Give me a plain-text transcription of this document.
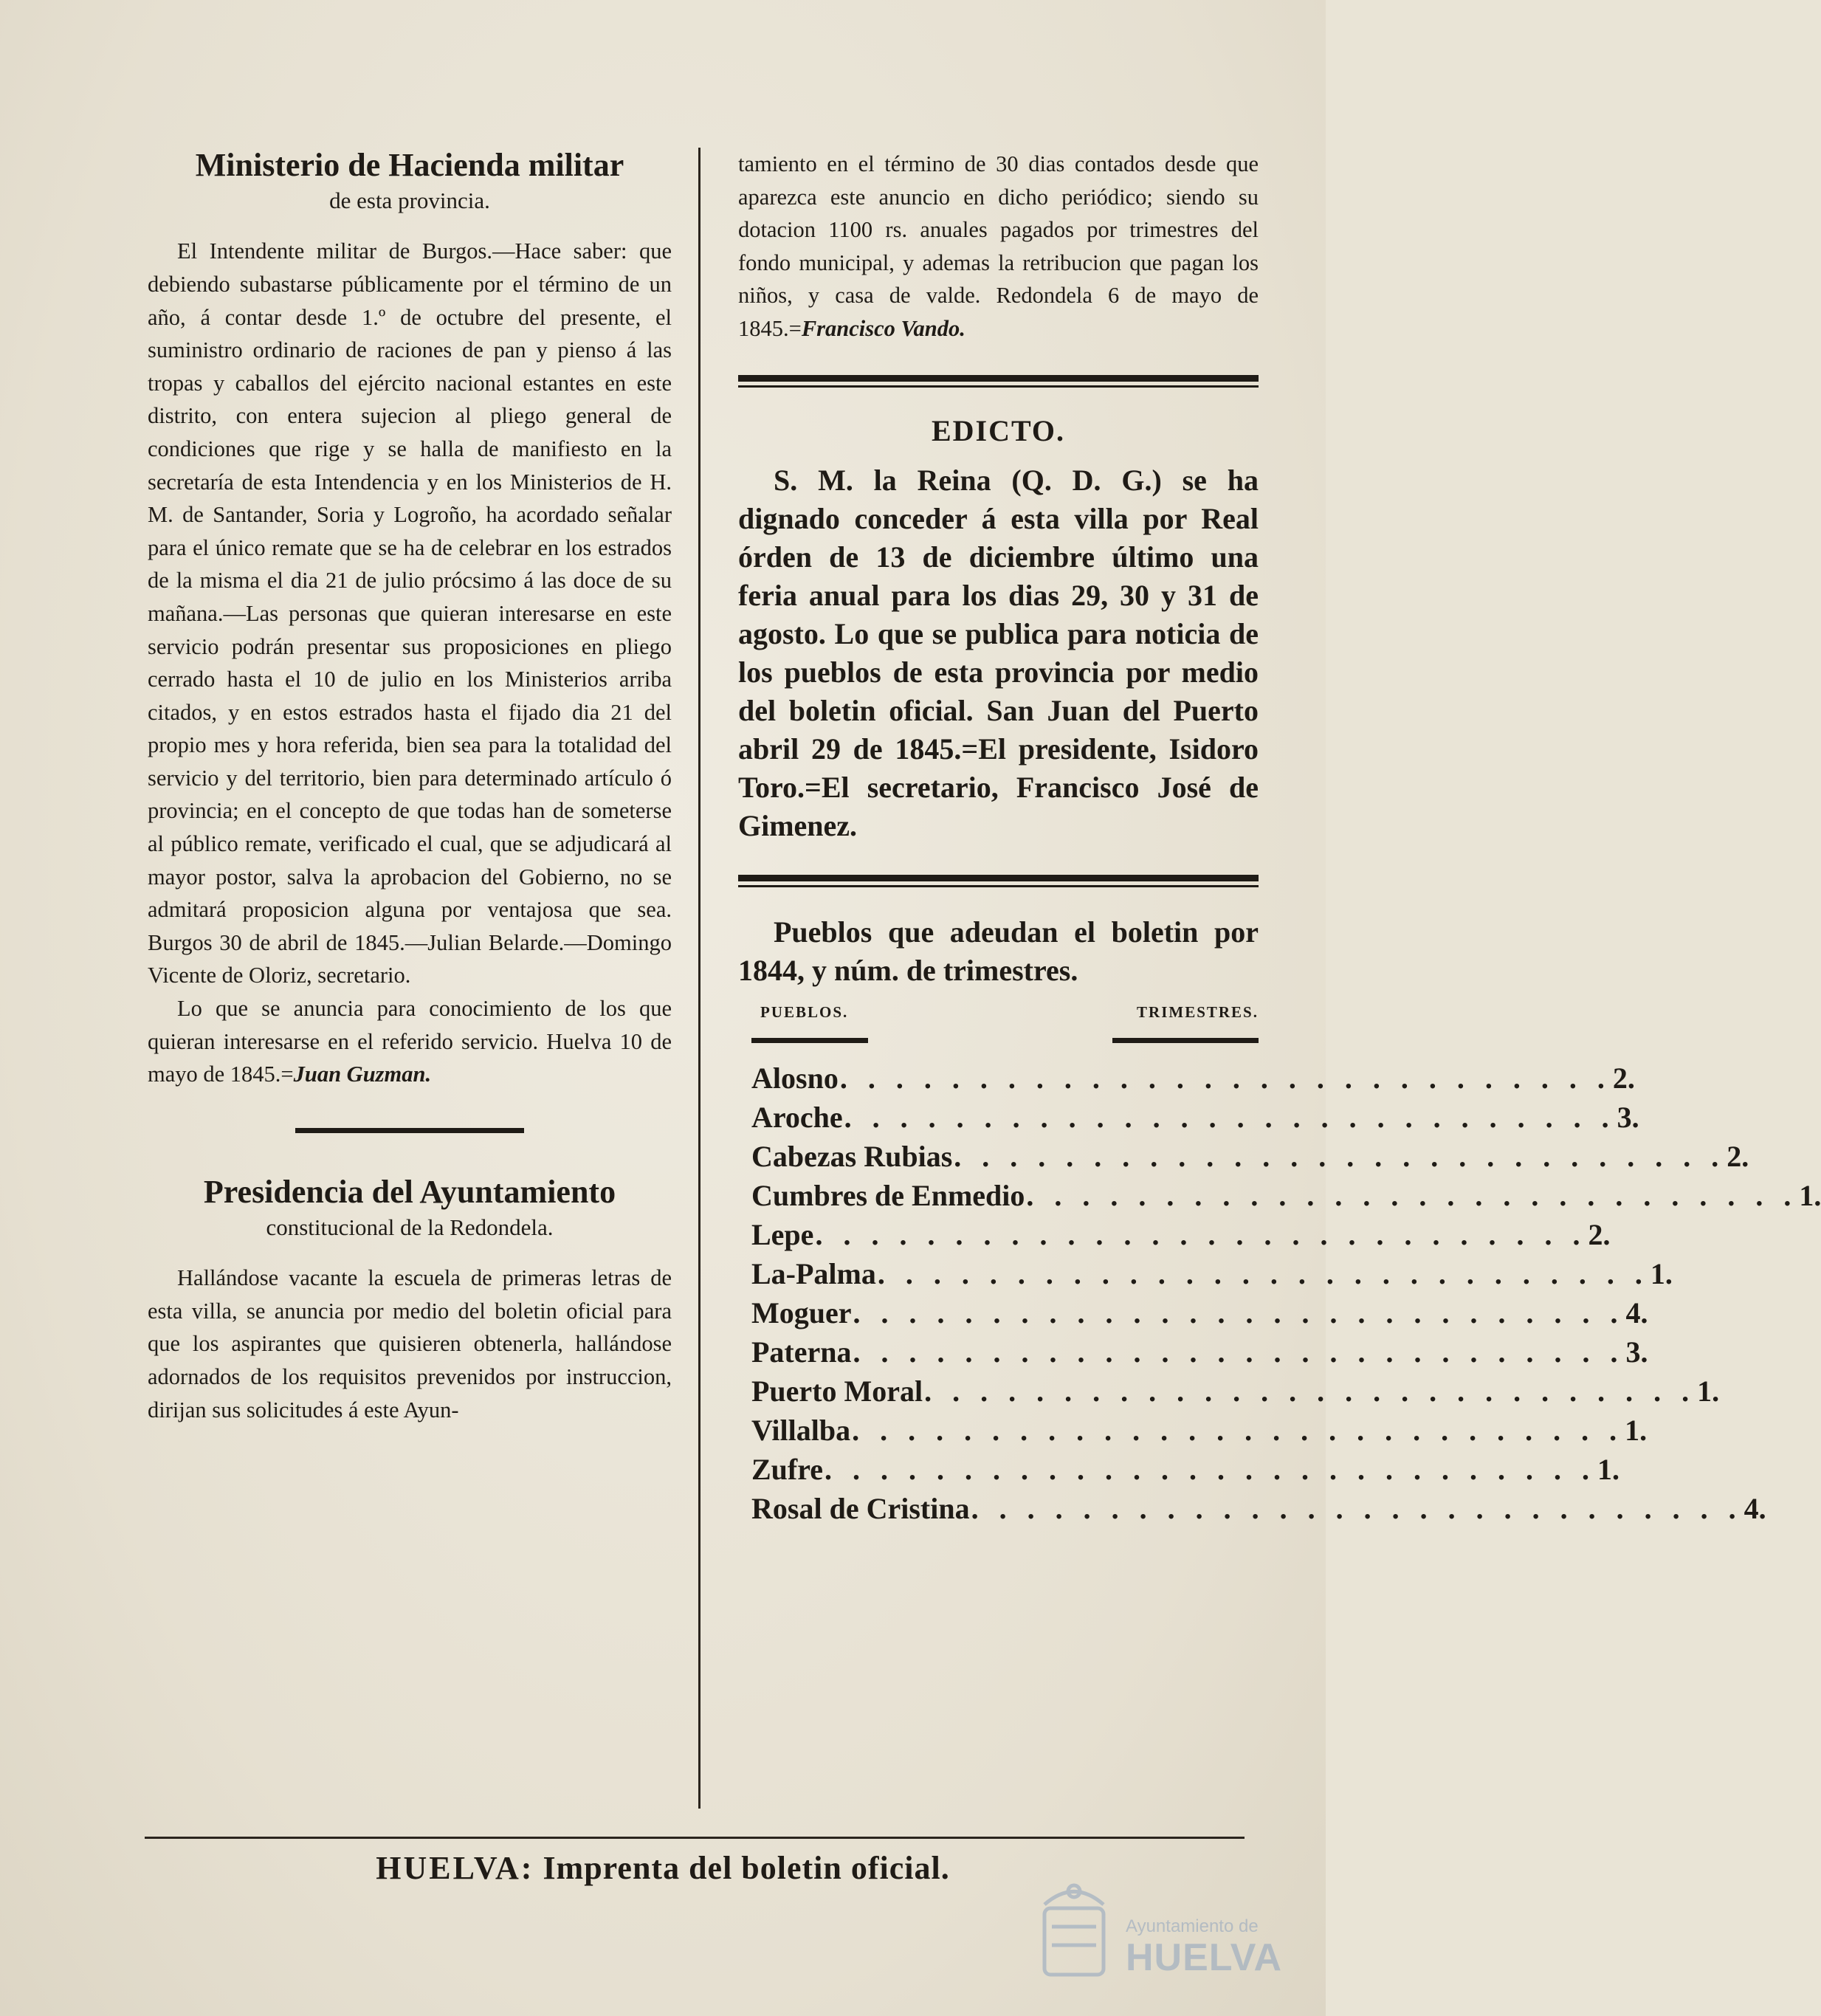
Ministerio de Hacienda militar
de esta provincia.

El Intendente militar de Burgos.—Hace saber: que debiendo subastarse públicamente por el término de un año, á contar desde 1.º de octubre del presente, el suministro ordinario de raciones de pan y pienso á las tropas y caballos del ejército nacional estantes en este distrito, con entera sujecion al pliego general de condiciones que rige y se halla de manifiesto en la secretaría de esta Intendencia y en los Ministerios de H. M. de Santander, Soria y Logroño, ha acordado señalar para el único remate que se ha de celebrar en los estrados de la misma el dia 21 de julio prócsimo á las doce de su mañana.—Las personas que quieran interesarse en este servicio podrán presentar sus proposiciones en pliego cerrado hasta el 10 de julio en los Ministerios arriba citados, y en estos estrados hasta el fijado dia 21 del propio mes y hora referida, bien sea para la totalidad del servicio y del territorio, bien para determinado artículo ó provincia; en el concepto de que todas han de someterse al público remate, verificado el cual, que se adjudicará al mayor postor, salva la aprobacion del Gobierno, no se admitará proposicion alguna por ventajosa que sea. Burgos 30 de abril de 1845.—Julian Belarde.—Domingo Vicente de Oloriz, secretario.

Lo que se anuncia para conocimiento de los que quieran interesarse en el referido servicio. Huelva 10 de mayo de 1845.=Juan Guzman.

Presidencia del Ayuntamiento
constitucional de la Redondela.

Hallándose vacante la escuela de primeras letras de esta villa, se anuncia por medio del boletin oficial para que los aspirantes que quisieren obtenerla, hallándose adornados de los requisitos prevenidos por instruccion, dirijan sus solicitudes á este Ayun-

tamiento en el término de 30 dias contados desde que aparezca este anuncio en dicho periódico; siendo su dotacion 1100 rs. anuales pagados por trimestres del fondo municipal, y ademas la retribucion que pagan los niños, y casa de valde. Redondela 6 de mayo de 1845.=Francisco Vando.

EDICTO.

S. M. la Reina (Q. D. G.) se ha dignado conceder á esta villa por Real órden de 13 de diciembre último una feria anual para los dias 29, 30 y 31 de agosto. Lo que se publica para noticia de los pueblos de esta provincia por medio del boletin oficial. San Juan del Puerto abril 29 de 1845.=El presidente, Isidoro Toro.=El secretario, Francisco José de Gimenez.

Pueblos que adeudan el boletin por 1844, y núm. de trimestres.

PUEBLOS.	TRIMESTRES.
Alosno . . . . . . . . . . . . . . . . . . . . . . . . . . . . 2.
Aroche . . . . . . . . . . . . . . . . . . . . . . . . . . . . 3.
Cabezas Rubias . . . . . . . . . . . . . . . . . . . . . . . . . . . . 2.
Cumbres de Enmedio . . . . . . . . . . . . . . . . . . . . . . . . . . . . 1.
Lepe . . . . . . . . . . . . . . . . . . . . . . . . . . . . 2.
La-Palma . . . . . . . . . . . . . . . . . . . . . . . . . . . . 1.
Moguer . . . . . . . . . . . . . . . . . . . . . . . . . . . . 4.
Paterna . . . . . . . . . . . . . . . . . . . . . . . . . . . . 3.
Puerto Moral . . . . . . . . . . . . . . . . . . . . . . . . . . . . 1.
Villalba . . . . . . . . . . . . . . . . . . . . . . . . . . . . 1.
Zufre . . . . . . . . . . . . . . . . . . . . . . . . . . . . 1.
Rosal de Cristina . . . . . . . . . . . . . . . . . . . . . . . . . . . . 4.
HUELVA: Imprenta del boletin oficial.
Ayuntamiento de
HUELVA
